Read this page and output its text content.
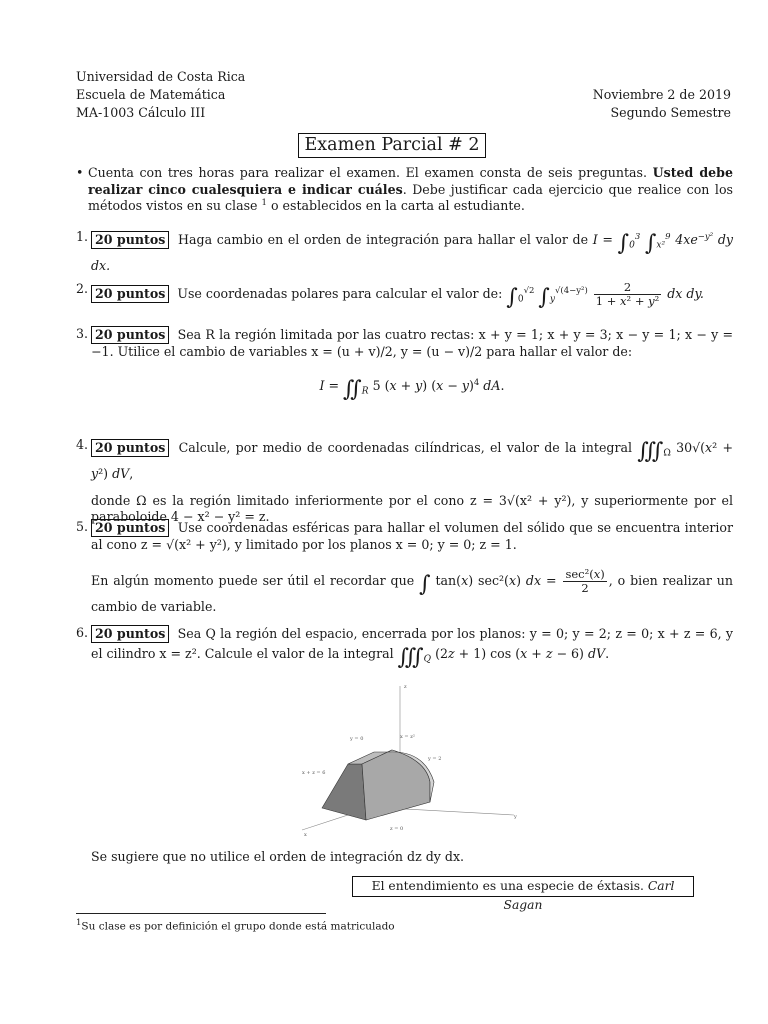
Universidad de Costa Rica
Escuela de Matemática	Noviembre 2 de 2019
MA-1003 Cálculo III	Segundo Semestre
Examen Parcial # 2
• Cuenta con tres horas para realizar el examen. El examen consta de seis preguntas. Usted debe realizar cinco cualesquiera e indicar cuáles. Debe justificar cada ejercicio que realice con los métodos vistos en su clase $^1$ o establecidos en la carta al estudiante.
1. 20 puntos Haga cambio en el orden de integración para hallar el valor de $I = \int_0^3$ $\int_{x^2}^9$ $4xe^{-y^2}$ dy dx.
2. 20 puntos Use coordenadas polares para calcular el valor de: $\int_0^{√2}$ $\int_y^{√(4-y^2)} \frac{2}{\text{1 + x² + y²}}$ dx dy.
3. 20 puntos Sea R la región limitada por las cuatro rectas: x + y = 1; x + y = 3; x − y = 1; x − y = −1. Utilice el cambio de variables x = (u + v)/2, y = (u − v)/2 para hallar el valor de:
$I = ∬_R$ 5 (x + y) $(x - y)^4$ dA.
4. 20 puntos Calcule, por medio de coordenadas cilíndricas, el valor de la integral $∭_\Omega$ 30√(x² + y²) dV,
donde Ω es la región limitado inferiormente por el cono z = 3√(x² + y²), y superiormente por el paraboloide 4 − x² − y² = z.
5. 20 puntos Use coordenadas esféricas para hallar el volumen del sólido que se encuentra interior al cono z = √(x² + y²), y limitado por los planos x = 0; y = 0; z = 1.
En algún momento puede ser útil el recordar que ∫ tan(x) sec²(x) dx = $\frac{\text{sec²(x)}}{2}$ , o bien realizar un cambio de variable.
6. 20 puntos Sea Q la región del espacio, encerrada por los planos: y = 0; y = 2; z = 0; x + z = 6, y el cilindro x = z². Calcule el valor de la integral $∭_Q$ (2z + 1) cos (x + z − 6) dV.
z
y = 0	x = z²
y = 2
x + z = 6
z = 0
x
y
Se sugiere que no utilice el orden de integración dz dy dx.
El entendimiento es una especie de éxtasis. Carl Sagan
$^1$Su clase es por definición el grupo donde está matriculado
